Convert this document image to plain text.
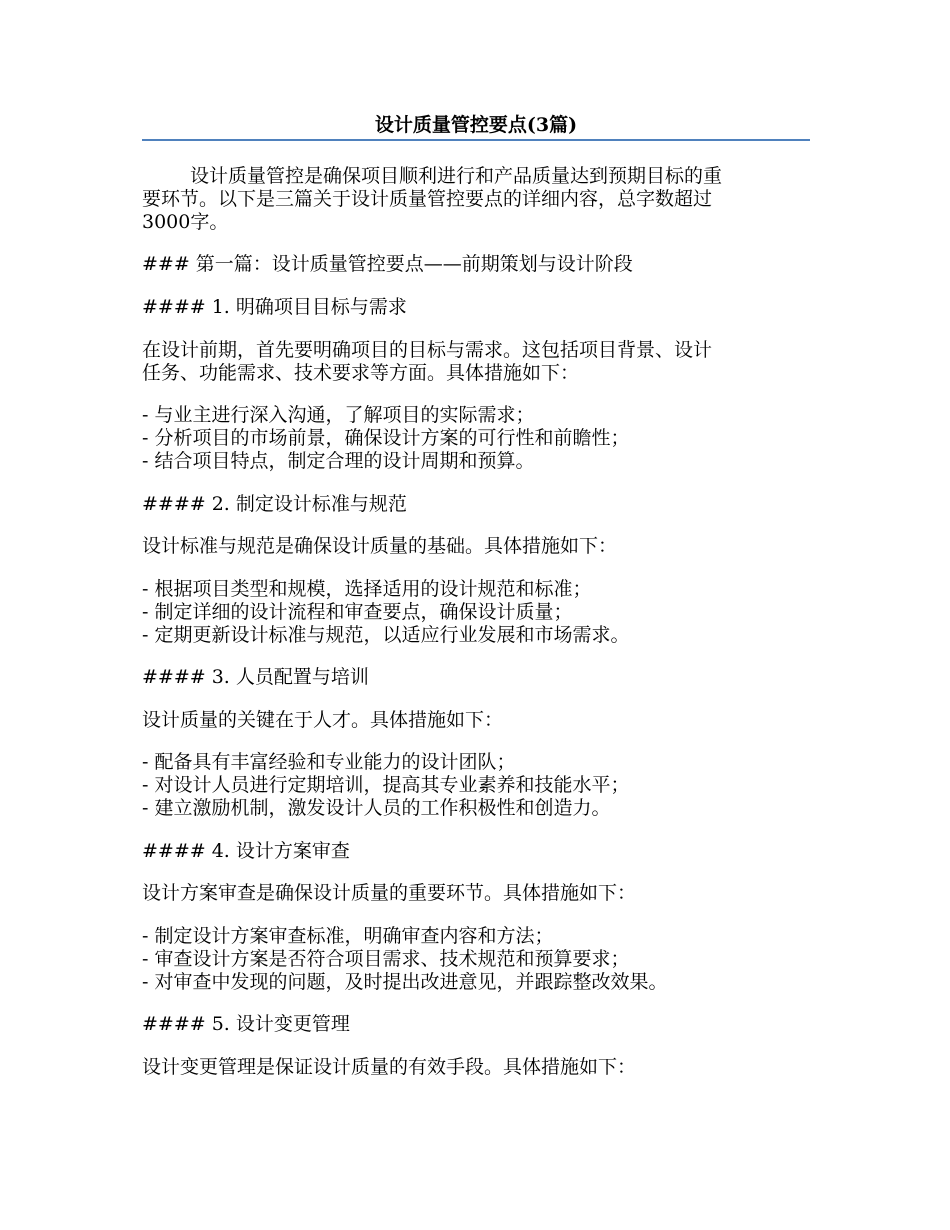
设计质量管控要点(3篇)
设计质量管控是确保项目顺利进行和产品质量达到预期目标的重
要环节。以下是三篇关于设计质量管控要点的详细内容，总字数超过
3000字。
### 第一篇：设计质量管控要点——前期策划与设计阶段
#### 1. 明确项目目标与需求
在设计前期，首先要明确项目的目标与需求。这包括项目背景、设计
任务、功能需求、技术要求等方面。具体措施如下：
- 与业主进行深入沟通，了解项目的实际需求；
- 分析项目的市场前景，确保设计方案的可行性和前瞻性；
- 结合项目特点，制定合理的设计周期和预算。
#### 2. 制定设计标准与规范
设计标准与规范是确保设计质量的基础。具体措施如下：
- 根据项目类型和规模，选择适用的设计规范和标准；
- 制定详细的设计流程和审查要点，确保设计质量；
- 定期更新设计标准与规范，以适应行业发展和市场需求。
#### 3. 人员配置与培训
设计质量的关键在于人才。具体措施如下：
- 配备具有丰富经验和专业能力的设计团队；
- 对设计人员进行定期培训，提高其专业素养和技能水平；
- 建立激励机制，激发设计人员的工作积极性和创造力。
#### 4. 设计方案审查
设计方案审查是确保设计质量的重要环节。具体措施如下：
- 制定设计方案审查标准，明确审查内容和方法；
- 审查设计方案是否符合项目需求、技术规范和预算要求；
- 对审查中发现的问题，及时提出改进意见，并跟踪整改效果。
#### 5. 设计变更管理
设计变更管理是保证设计质量的有效手段。具体措施如下：
